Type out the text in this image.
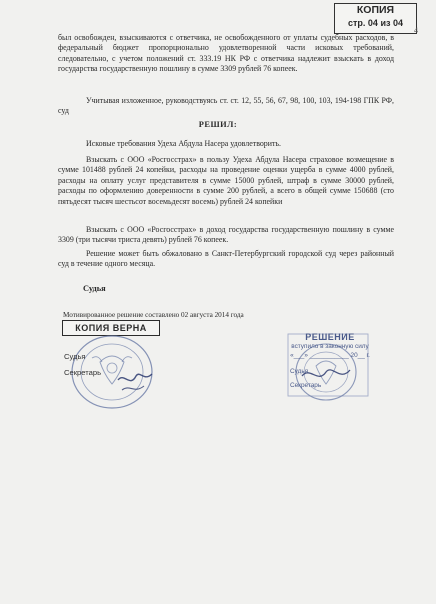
КОПИЯ
стр. 04 из 04
4

был освобожден, взыскиваются с ответчика, не освобожденного от уплаты судебных расходов, в федеральный бюджет пропорционально удовлетворенной части исковых требований, следовательно, с учетом положений ст. 333.19 НК РФ с ответчика надлежит взыскать в доход государства государственную пошлину в сумме 3309 рублей 76 копеек.

Учитывая изложенное, руководствуясь ст. ст. 12, 55, 56, 67, 98, 100, 103, 194-198 ГПК РФ, суд

РЕШИЛ:

Исковые требования Удеха Абдула Насера удовлетворить.

Взыскать с ООО «Росгосстрах» в пользу Удеха Абдула Насера страховое возмещение в сумме 101488 рублей 24 копейки, расходы на проведение оценки ущерба в сумме 4000 рублей, расходы на оплату услуг представителя в сумме 15000 рублей, штраф в сумме 30000 рублей, расходы по оформлению доверенности в сумме 200 рублей, а всего в общей сумме 150688 (сто пятьдесят тысяч шестьсот восемьдесят восемь) рублей 24 копейки

Взыскать с ООО «Росгосстрах» в доход государства государственную пошлину в сумме 3309 (три тысячи триста девять) рублей 76 копеек.

Решение может быть обжаловано в Санкт-Петербургский городской суд через районный суд в течение одного месяца.

Судья
Мотивированное решение составлено 02 августа 2014 года
КОПИЯ ВЕРНА
Судья
Секретарь
РЕШЕНИЕ
вступило в законную силу
«___» ___________ 20__ г.
Судья
Секретарь
